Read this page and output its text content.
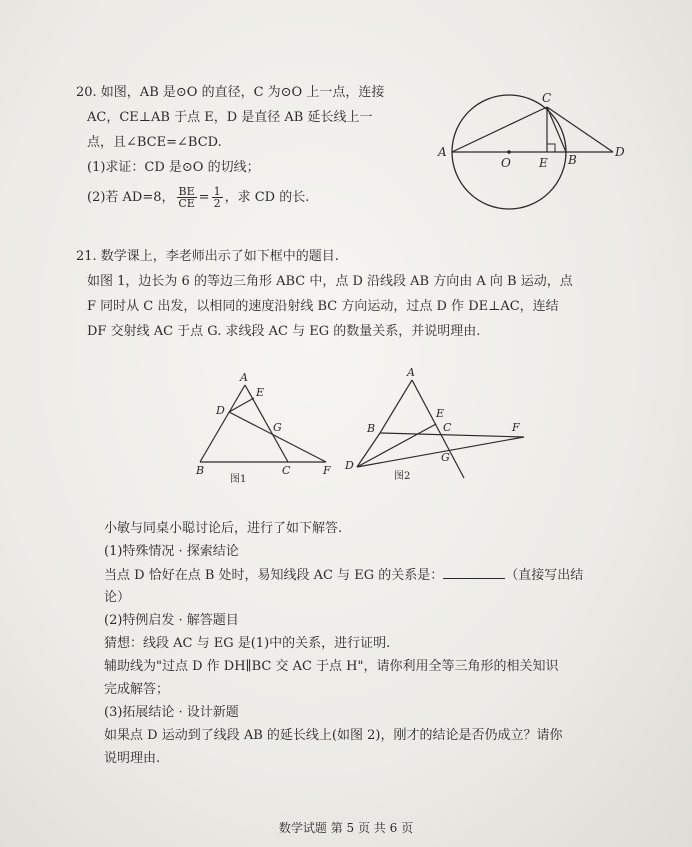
20. 如图，AB 是⊙O 的直径，C 为⊙O 上一点，连接
AC，CE⊥AB 于点 E，D 是直径 AB 延长线上一
点，且∠BCE=∠BCD.
(1)求证：CD 是⊙O 的切线；
(2)若 AD=8， $\frac{BE}{CE} = \frac{1}{2}$ ，求 CD 的长.
A
C
O E B
D
21. 数学课上，李老师出示了如下框中的题目.
如图 1，边长为 6 的等边三角形 ABC 中，点 D 沿线段 AB 方向由 A 向 B 运动，点
F 同时从 C 出发，以相同的速度沿射线 BC 方向运动，过点 D 作 DE⊥AC，连结
DF 交射线 AC 于点 G. 求线段 AC 与 EG 的数量关系，并说明理由.
A
E
D
G
B	C	F
图1
A
B
E
C	F
G
D
图2
小敏与同桌小聪讨论后，进行了如下解答.
(1)特殊情况 · 探索结论
当点 D 恰好在点 B 处时，易知线段 AC 与 EG 的关系是：	（直接写出结
论）
(2)特例启发 · 解答题目
猜想：线段 AC 与 EG 是(1)中的关系，进行证明.
辅助线为"过点 D 作 DH∥BC 交 AC 于点 H"，请你利用全等三角形的相关知识
完成解答；
(3)拓展结论 · 设计新题
如果点 D 运动到了线段 AB 的延长线上(如图 2)，刚才的结论是否仍成立？请你
说明理由.
数学试题 第 5 页 共 6 页
